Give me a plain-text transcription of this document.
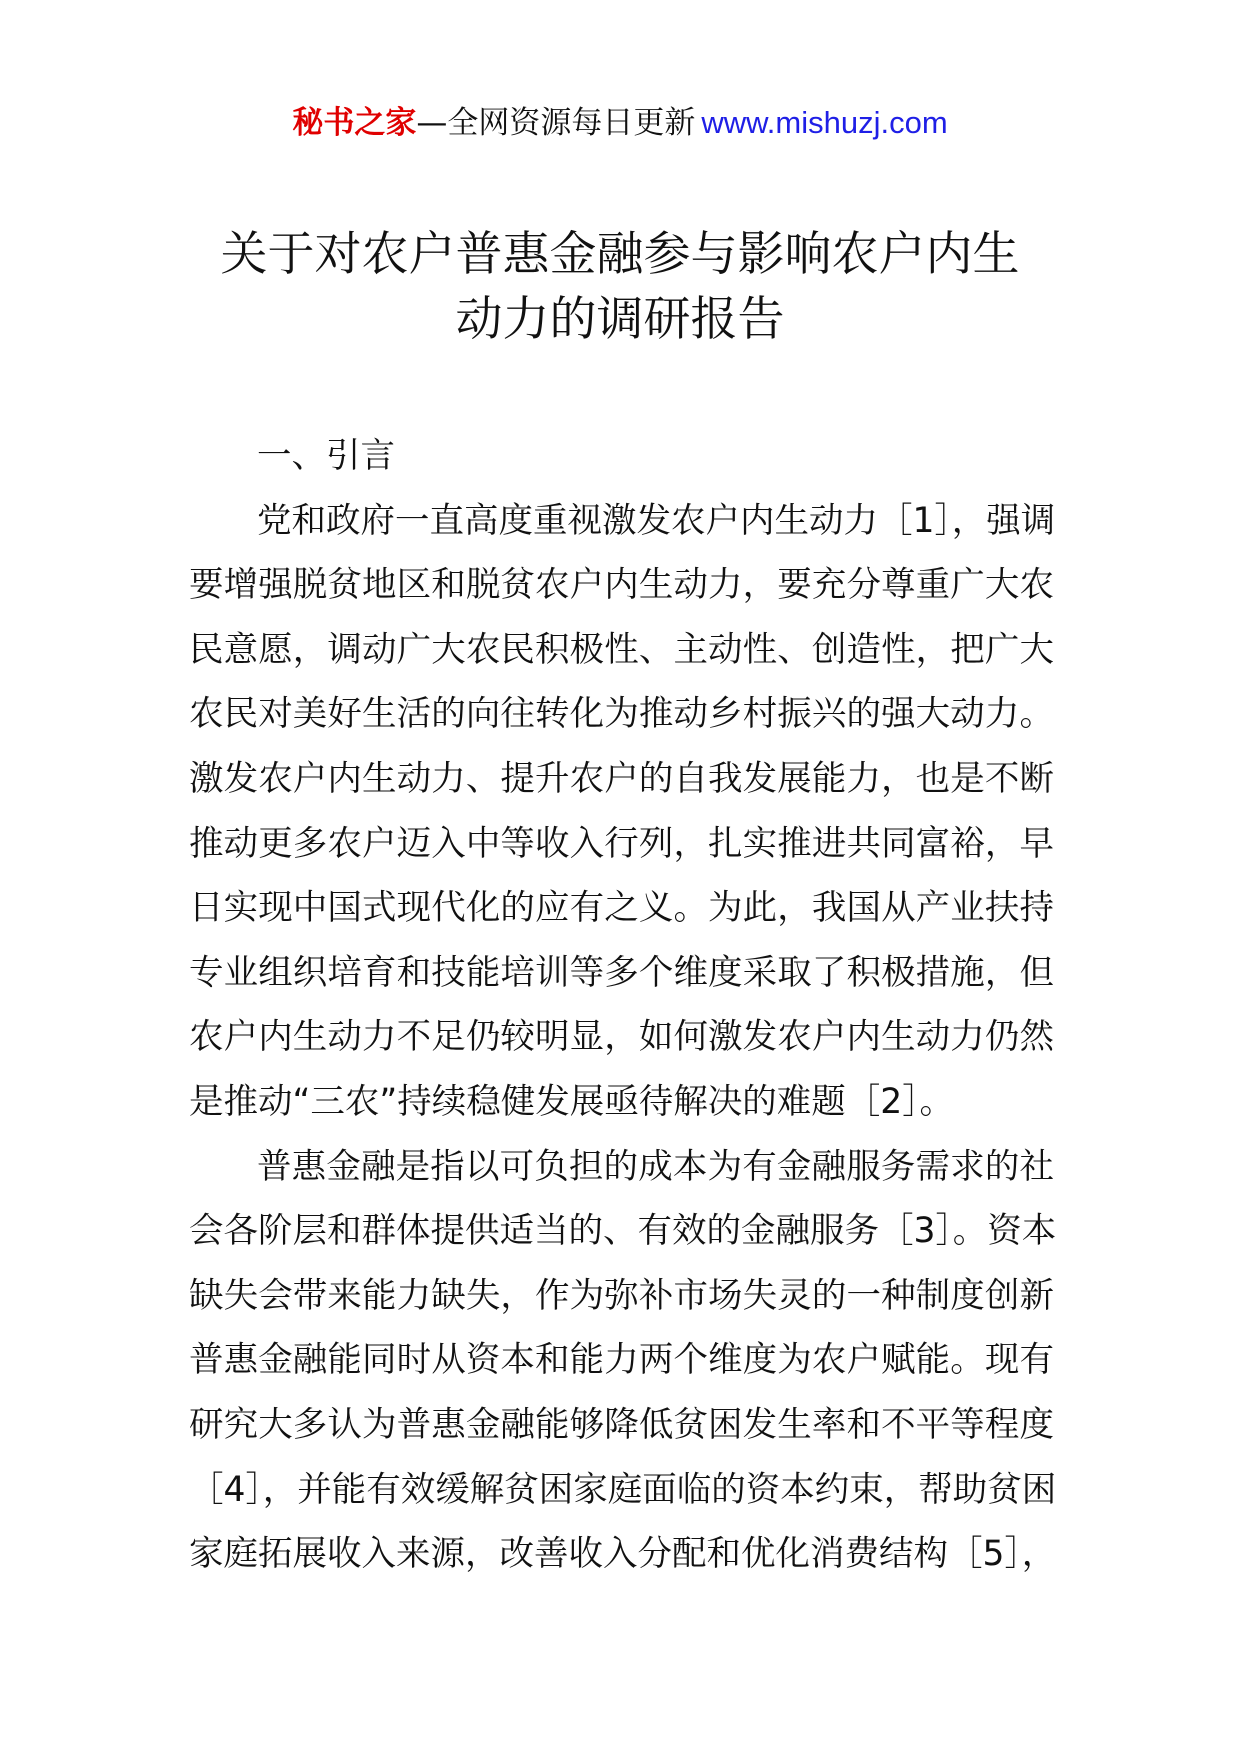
秘书之家—全网资源每日更新 www.mishuzj.com
关于对农户普惠金融参与影响农户内生
动力的调研报告
一、引言
党和政府一直高度重视激发农户内生动力［1］，强调
要增强脱贫地区和脱贫农户内生动力，要充分尊重广大农
民意愿，调动广大农民积极性、主动性、创造性，把广大
农民对美好生活的向往转化为推动乡村振兴的强大动力。
激发农户内生动力、提升农户的自我发展能力，也是不断
推动更多农户迈入中等收入行列，扎实推进共同富裕，早
日实现中国式现代化的应有之义。为此，我国从产业扶持
专业组织培育和技能培训等多个维度采取了积极措施，但
农户内生动力不足仍较明显，如何激发农户内生动力仍然
是推动“三农”持续稳健发展亟待解决的难题［2］。
普惠金融是指以可负担的成本为有金融服务需求的社
会各阶层和群体提供适当的、有效的金融服务［3］。资本
缺失会带来能力缺失，作为弥补市场失灵的一种制度创新
普惠金融能同时从资本和能力两个维度为农户赋能。现有
研究大多认为普惠金融能够降低贫困发生率和不平等程度
［4］，并能有效缓解贫困家庭面临的资本约束，帮助贫困
家庭拓展收入来源，改善收入分配和优化消费结构［5］，
